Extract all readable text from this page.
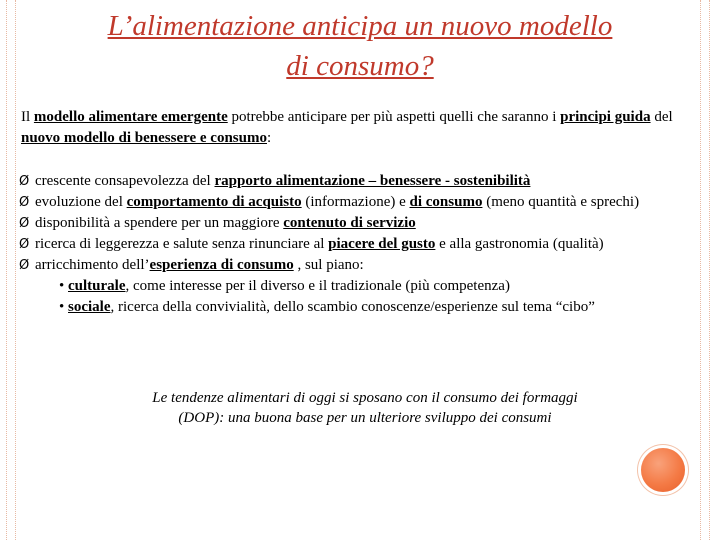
L’alimentazione anticipa un nuovo modello
di consumo?
Il modello alimentare emergente potrebbe anticipare per più aspetti quelli che saranno i principi guida del nuovo modello di benessere e consumo:
Ø crescente consapevolezza del rapporto alimentazione – benessere - sostenibilità
Ø evoluzione del comportamento di acquisto (informazione) e di consumo (meno quantità e sprechi)
Ø disponibilità a spendere per un maggiore contenuto di servizio
Ø ricerca di leggerezza e salute senza rinunciare al piacere del gusto e alla gastronomia (qualità)
Ø arricchimento dell’esperienza di consumo , sul piano:
• culturale, come interesse per il diverso e il tradizionale (più competenza)
• sociale, ricerca della convivialità, dello scambio conoscenze/esperienze sul tema “cibo”
Le tendenze alimentari di oggi si sposano con il consumo dei formaggi
(DOP): una buona base per un ulteriore sviluppo dei consumi
